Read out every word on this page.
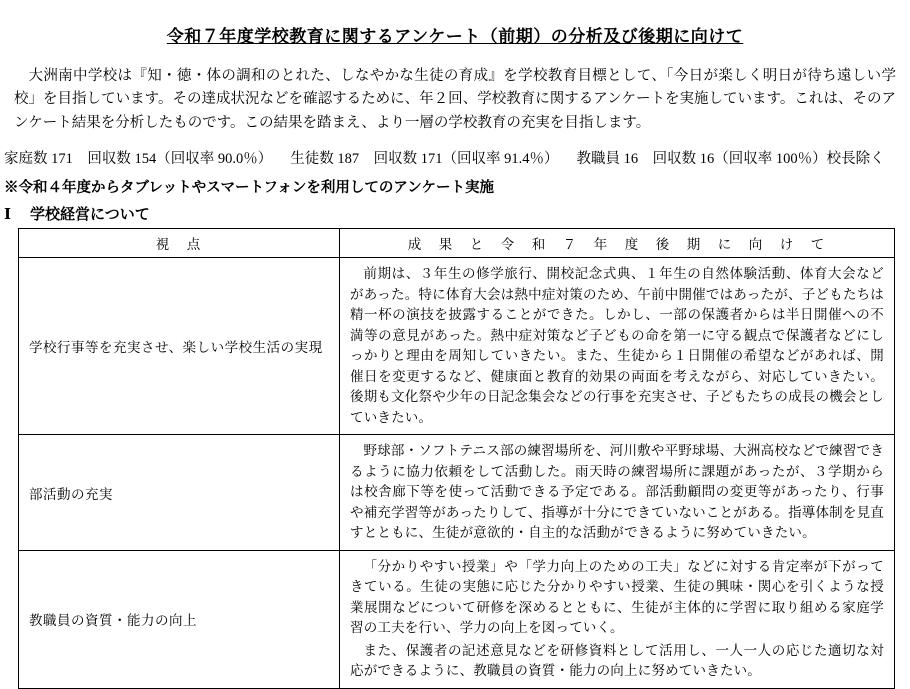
令和７年度学校教育に関するアンケート（前期）の分析及び後期に向けて

大洲南中学校は『知・徳・体の調和のとれた、しなやかな生徒の育成』を学校教育目標として、「今日が楽しく明日が待ち遠しい学校」を目指しています。その達成状況などを確認するために、年２回、学校教育に関するアンケートを実施しています。これは、そのアンケート結果を分析したものです。この結果を踏まえ、より一層の学校教育の充実を目指します。

家庭数 171　回収数 154（回収率 90.0％） 生徒数 187　回収数 171（回収率 91.4％） 教職員 16　回収数 16（回収率 100％）校長除く
※令和４年度からタブレットやスマートフォンを利用してのアンケート実施
Ⅰ 学校経営について
視　点	成　果　と　令　和　７　年　度　後　期　に　向　け　て
学校行事等を充実させ、楽しい学校生活の実現	前期は、３年生の修学旅行、開校記念式典、１年生の自然体験活動、体育大会などがあった。特に体育大会は熱中症対策のため、午前中開催ではあったが、子どもたちは精一杯の演技を披露することができた。しかし、一部の保護者からは半日開催への不満等の意見があった。熱中症対策など子どもの命を第一に守る観点で保護者などにしっかりと理由を周知していきたい。また、生徒から１日開催の希望などがあれば、開催日を変更するなど、健康面と教育的効果の両面を考えながら、対応していきたい。後期も文化祭や少年の日記念集会などの行事を充実させ、子どもたちの成長の機会としていきたい。

部活動の充実	野球部・ソフトテニス部の練習場所を、河川敷や平野球場、大洲高校などで練習できるように協力依頼をして活動した。雨天時の練習場所に課題があったが、３学期からは校舎廊下等を使って活動できる予定である。部活動顧問の変更等があったり、行事や補充学習等があったりして、指導が十分にできていないことがある。指導体制を見直すとともに、生徒が意欲的・自主的な活動ができるように努めていきたい。

教職員の資質・能力の向上	「分かりやすい授業」や「学力向上のための工夫」などに対する肯定率が下がってきている。生徒の実態に応じた分かりやすい授業、生徒の興味・関心を引くような授業展開などについて研修を深めるとともに、生徒が主体的に学習に取り組める家庭学習の工夫を行い、学力の向上を図っていく。

また、保護者の記述意見などを研修資料として活用し、一人一人の応じた適切な対応ができるように、教職員の資質・能力の向上に努めていきたい。
